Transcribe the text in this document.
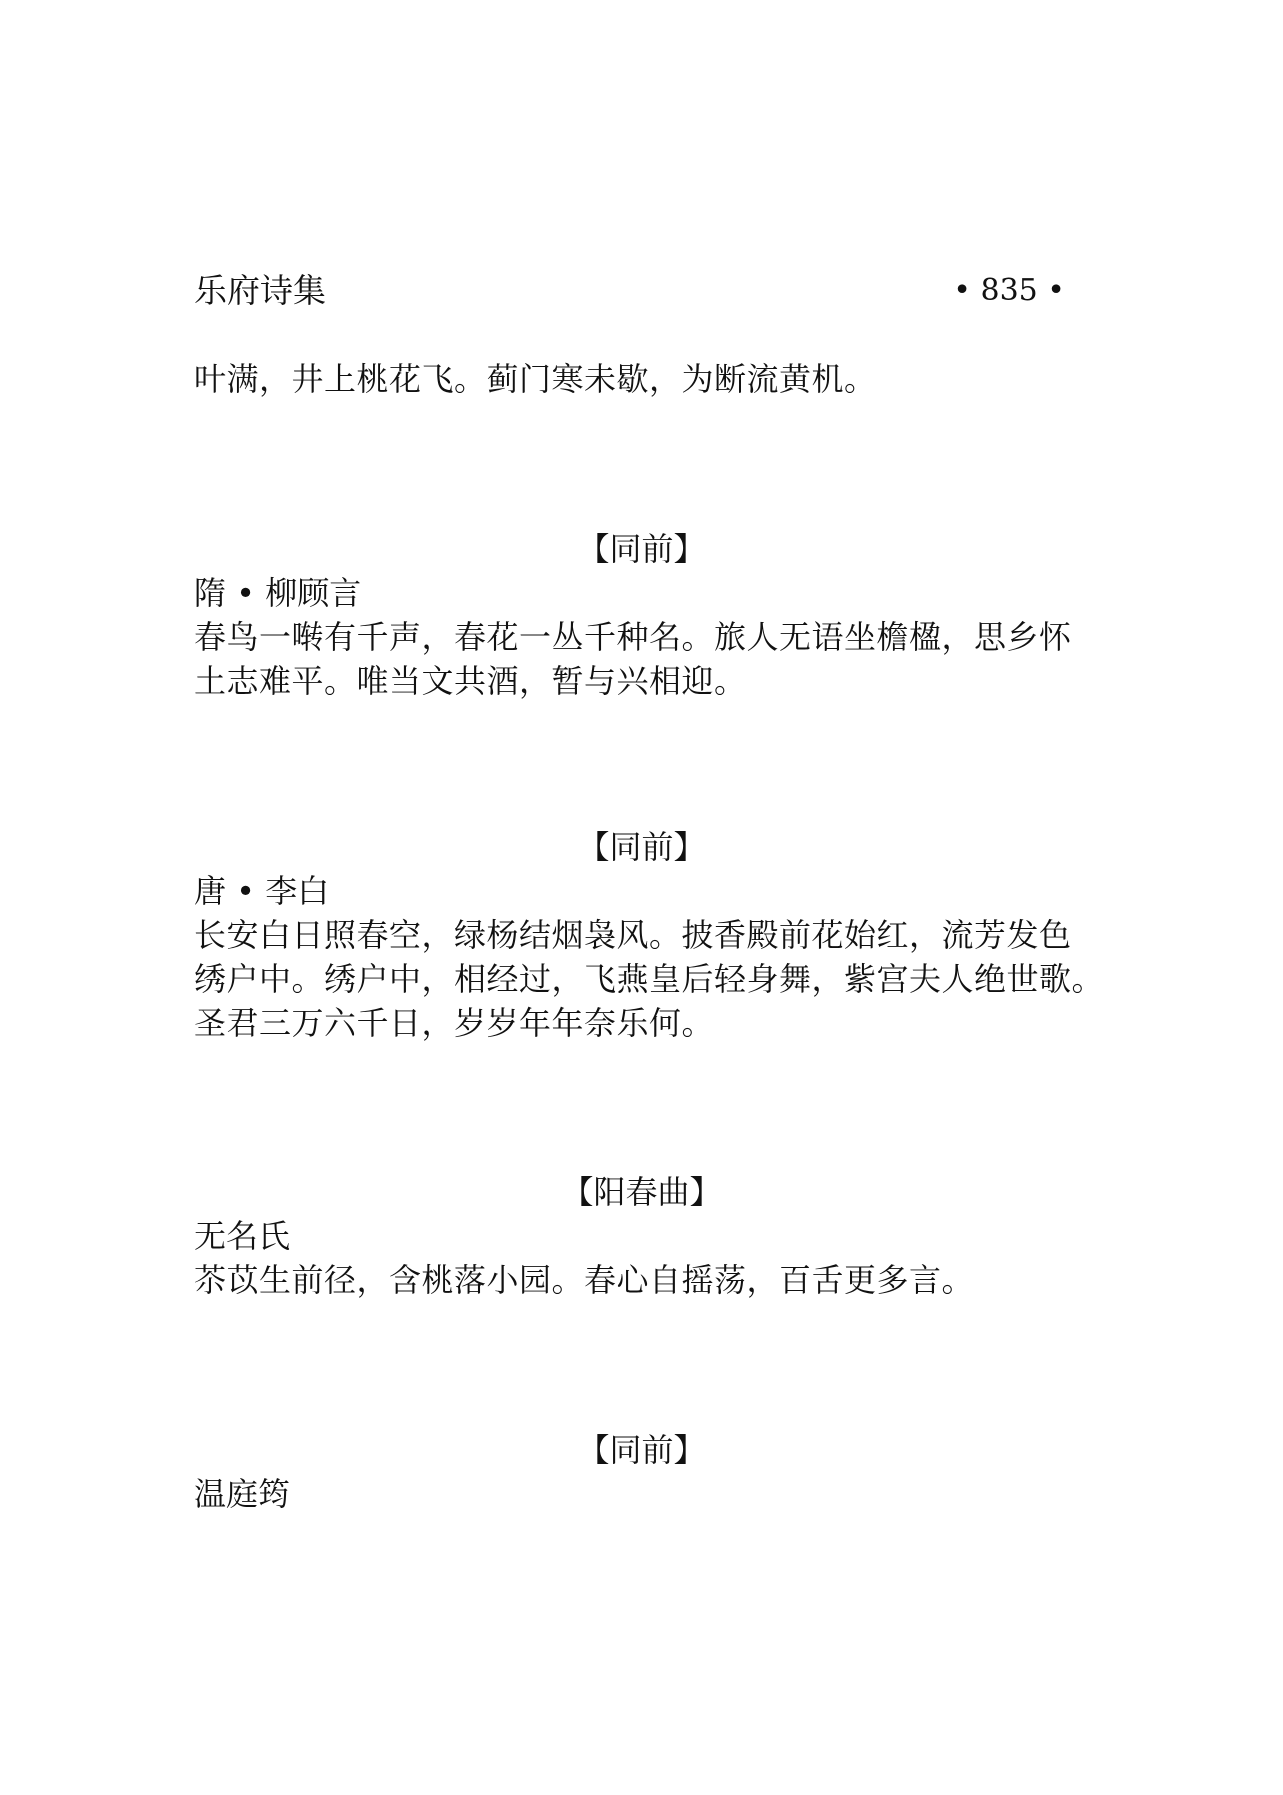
乐府诗集	• 835 •
叶满，井上桃花飞。蓟门寒未歇，为断流黄机。
【同前】
隋 • 柳顾言
春鸟一啭有千声，春花一丛千种名。旅人无语坐檐楹，思乡怀
土志难平。唯当文共酒，暂与兴相迎。
【同前】
唐 • 李白
长安白日照春空，绿杨结烟袅风。披香殿前花始红，流芳发色
绣户中。绣户中，相经过，飞燕皇后轻身舞，紫宫夫人绝世歌。
圣君三万六千日，岁岁年年奈乐何。
【阳春曲】
无名氏
苶苡生前径，含桃落小园。春心自摇荡，百舌更多言。
【同前】
温庭筠
